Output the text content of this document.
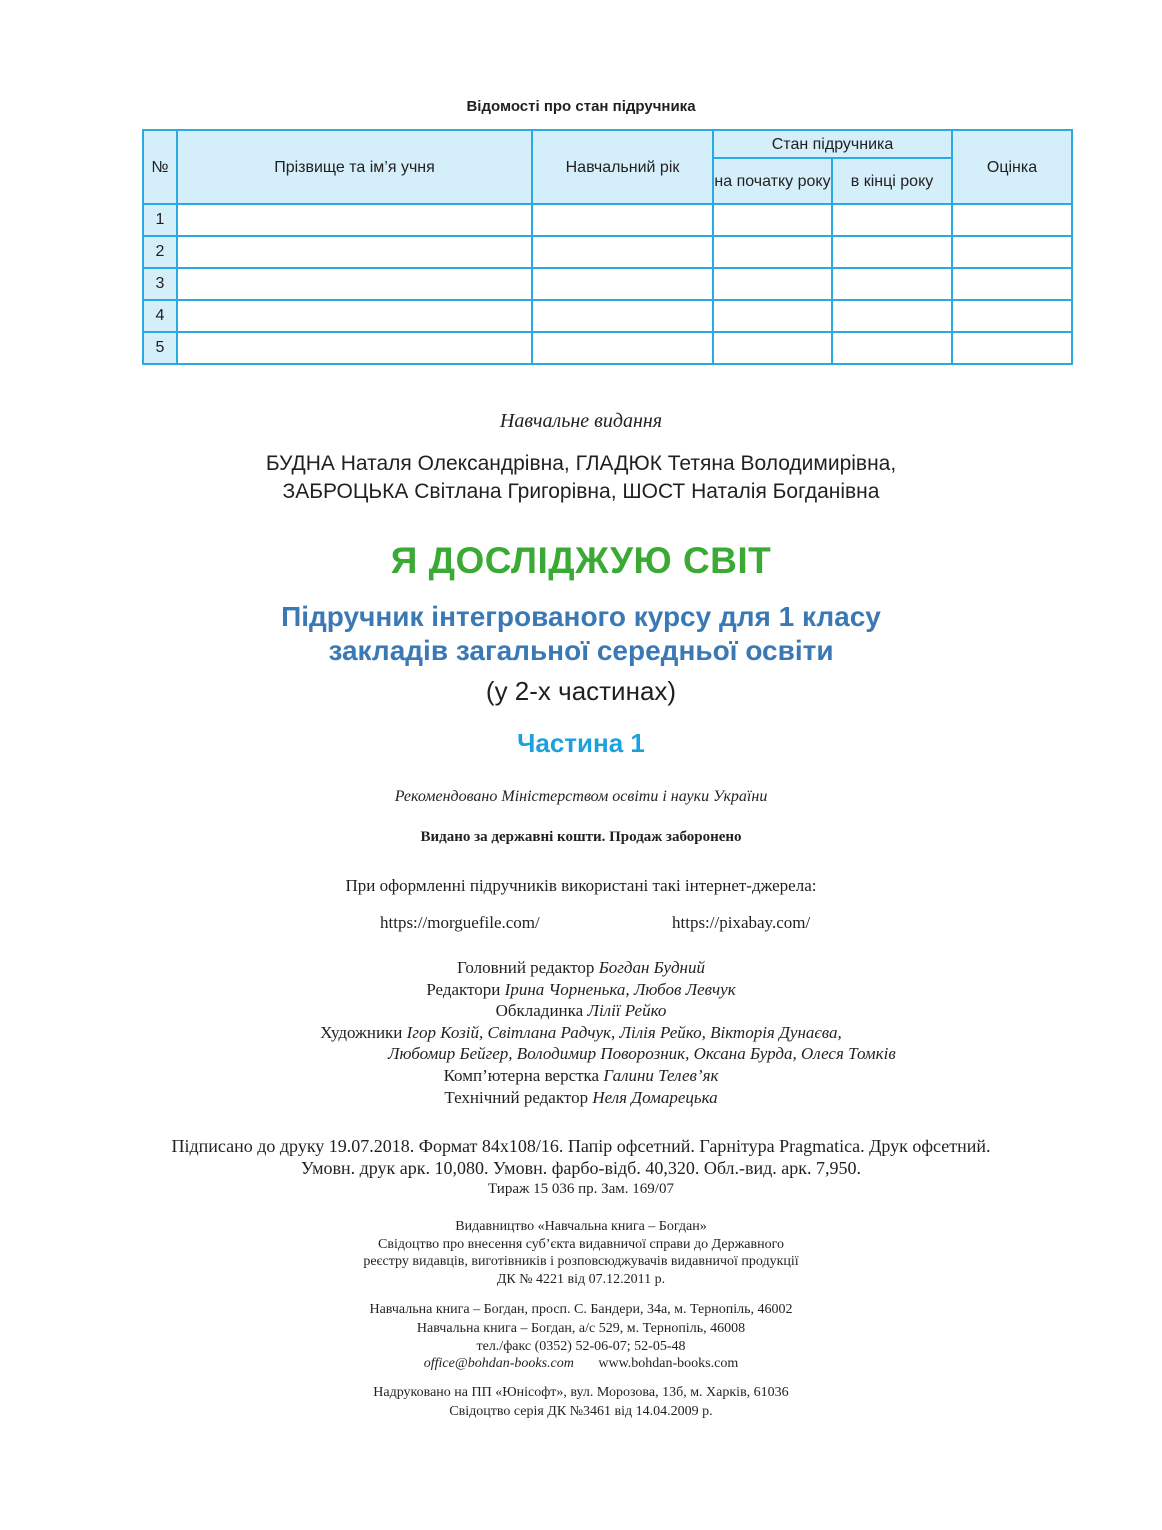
Відомості про стан підручника
№	Прізвище та ім’я учня	Навчальний рік	Стан підручника		Оцінка
			на початку року	в кінці року	
1					
2					
3					
4					
5					
Навчальне видання
БУДНА Наталя Олександрівна, ГЛАДЮК Тетяна Володимирівна,
ЗАБРОЦЬКА Світлана Григорівна, ШОСТ Наталія Богданівна
Я ДОСЛІДЖУЮ СВІТ
Підручник інтегрованого курсу для 1 класу
закладів загальної середньої освіти
(у 2-х частинах)
Частина 1
Рекомендовано Міністерством освіти і науки України
Видано за державні кошти. Продаж заборонено
При оформленні підручників використані такі інтернет-джерела:
https://morguefile.com/	https://pixabay.com/
Головний редактор Богдан Будний
Редактори Ірина Чорненька, Любов Левчук
Обкладинка Лілії Рейко
Художники Ігор Козій, Світлана Радчук, Лілія Рейко, Вікторія Дунаєва,
Любомир Бейгер, Володимир Поворозник, Оксана Бурда, Олеся Томків
Комп’ютерна верстка Галини Телев’як
Технічний редактор Неля Домарецька
Підписано до друку 19.07.2018. Формат 84х108/16. Папір офсетний. Гарнітура Pragmatica. Друк офсетний.
Умовн. друк арк. 10,080. Умовн. фарбо-відб. 40,320. Обл.-вид. арк. 7,950.
Тираж 15 036 пр. Зам. 169/07
Видавництво «Навчальна книга – Богдан»
Свідоцтво про внесення суб’єкта видавничої справи до Державного
реєстру видавців, виготівників і розповсюджувачів видавничої продукції
ДК № 4221 від 07.12.2011 р.
Навчальна книга – Богдан, просп. С. Бандери, 34а, м. Тернопіль, 46002
Навчальна книга – Богдан, а/с 529, м. Тернопіль, 46008
тел./факс (0352) 52-06-07; 52-05-48
office@bohdan-books.com www.bohdan-books.com
Надруковано на ПП «Юнісофт», вул. Морозова, 13б, м. Харків, 61036
Свідоцтво серія ДК №3461 від 14.04.2009 р.
